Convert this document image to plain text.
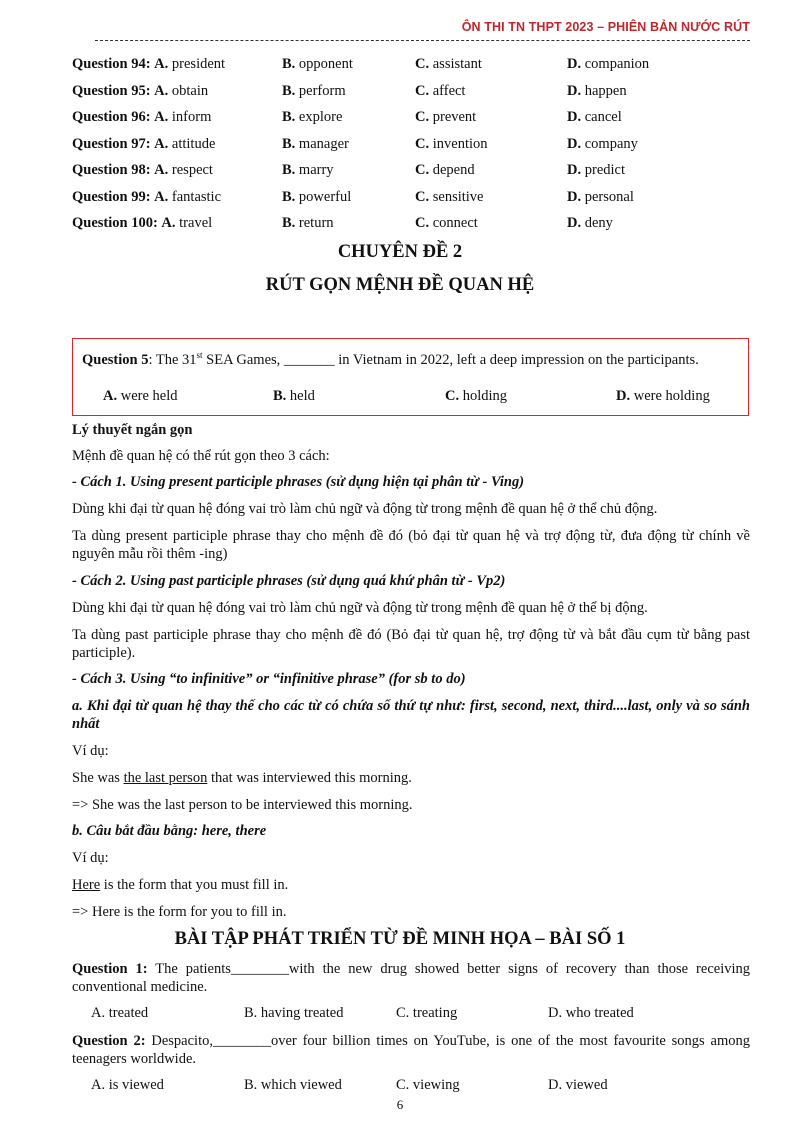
ÔN THI TN THPT 2023 – PHIÊN BẢN NƯỚC RÚT
Question 94: A. president	B. opponent	C. assistant	D. companion
Question 95: A. obtain	B. perform	C. affect	D. happen
Question 96: A. inform	B. explore	C. prevent	D. cancel
Question 97: A. attitude	B. manager	C. invention	D. company
Question 98: A. respect	B. marry	C. depend	D. predict
Question 99: A. fantastic	B. powerful	C. sensitive	D. personal
Question 100: A. travel	B. return	C. connect	D. deny
CHUYÊN ĐỀ 2
RÚT GỌN MỆNH ĐỀ QUAN HỆ
Question 5: The 31st SEA Games, _______ in Vietnam in 2022, left a deep impression on the participants.
A. were held	B. held	C. holding	D. were holding
Lý thuyết ngắn gọn
Mệnh đề quan hệ có thể rút gọn theo 3 cách:
- Cách 1. Using present participle phrases (sử dụng hiện tại phân từ - Ving)
Dùng khi đại từ quan hệ đóng vai trò làm chủ ngữ và động từ trong mệnh đề quan hệ ở thể chủ động.
Ta dùng present participle phrase thay cho mệnh đề đó (bỏ đại từ quan hệ và trợ động từ, đưa động từ chính về nguyên mẫu rồi thêm -ing)
- Cách 2. Using past participle phrases (sử dụng quá khứ phân từ - Vp2)
Dùng khi đại từ quan hệ đóng vai trò làm chủ ngữ và động từ trong mệnh đề quan hệ ở thể bị động.
Ta dùng past participle phrase thay cho mệnh đề đó (Bỏ đại từ quan hệ, trợ động từ và bắt đầu cụm từ bằng past participle).
- Cách 3. Using “to infinitive” or “infinitive phrase” (for sb to do)
a. Khi đại từ quan hệ thay thế cho các từ có chứa số thứ tự như: first, second, next, third....last, only và so sánh nhất
Ví dụ:
She was the last person that was interviewed this morning.
=> She was the last person to be interviewed this morning.
b. Câu bắt đầu bằng: here, there
Ví dụ:
Here is the form that you must fill in.
=> Here is the form for you to fill in.
BÀI TẬP PHÁT TRIỂN TỪ ĐỀ MINH HỌA – BÀI SỐ 1
Question 1: The patients________with the new drug showed better signs of recovery than those receiving conventional medicine.
A. treated	B. having treated	C. treating	D. who treated
Question 2: Despacito,________over four billion times on YouTube, is one of the most favourite songs among teenagers worldwide.
A. is viewed	B. which viewed	C. viewing	D. viewed
6
